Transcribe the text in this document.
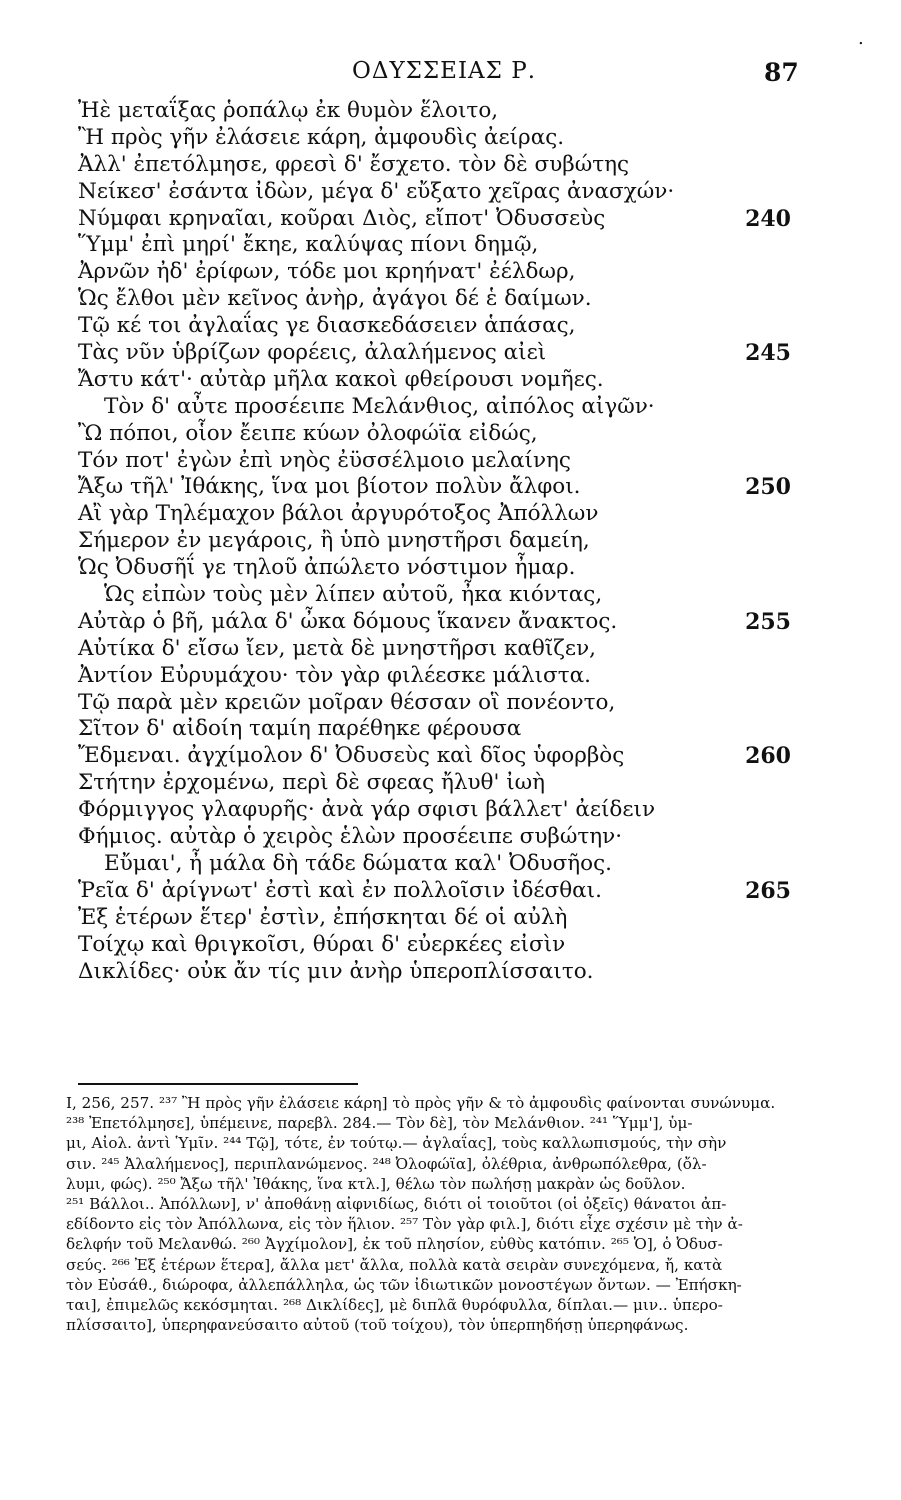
ΟΔΥΣΣΕΙΑΣ Ρ.	87
.
Ἠὲ μεταΐξας ῥοπάλῳ ἐκ θυμὸν ἕλοιτο,
Ἢ πρὸς γῆν ἐλάσειε κάρη, ἀμφουδὶς ἀείρας.
Ἀλλ' ἐπετόλμησε, φρεσὶ δ' ἔσχετο. τὸν δὲ συβώτης
Νείκεσ' ἐσάντα ἰδὼν, μέγα δ' εὔξατο χεῖρας ἀνασχών·
Νύμφαι κρηναῖαι, κοῦραι Διὸς, εἴποτ' Ὀδυσσεὺς	240
Ὕμμ' ἐπὶ μηρί' ἔκηε, καλύψας πίονι δημῷ,
Ἀρνῶν ἠδ' ἐρίφων, τόδε μοι κρηήνατ' ἐέλδωρ,
Ὡς ἔλθοι μὲν κεῖνος ἀνὴρ, ἀγάγοι δέ ἑ δαίμων.
Τῷ κέ τοι ἀγλαΐας γε διασκεδάσειεν ἁπάσας,
Τὰς νῦν ὑβρίζων φορέεις, ἀλαλήμενος αἰεὶ	245
Ἄστυ κάτ'· αὐτὰρ μῆλα κακοὶ φθείρουσι νομῆες.
Τὸν δ' αὖτε προσέειπε Μελάνθιος, αἰπόλος αἰγῶν·
Ὢ πόποι, οἷον ἔειπε κύων ὀλοφώϊα εἰδώς,
Τόν ποτ' ἐγὼν ἐπὶ νηὸς ἐϋσσέλμοιο μελαίνης
Ἄξω τῆλ' Ἰθάκης, ἵνα μοι βίοτον πολὺν ἄλφοι.	250
Αἲ γὰρ Τηλέμαχον βάλοι ἀργυρότοξος Ἀπόλλων
Σήμερον ἐν μεγάροις, ἢ ὑπὸ μνηστῆρσι δαμείη,
Ὡς Ὀδυσῆΐ γε τηλοῦ ἀπώλετο νόστιμον ἦμαρ.
Ὡς εἰπὼν τοὺς μὲν λίπεν αὐτοῦ, ἦκα κιόντας,
Αὐτὰρ ὁ βῆ, μάλα δ' ὦκα δόμους ἵκανεν ἄνακτος.	255
Αὐτίκα δ' εἴσω ἴεν, μετὰ δὲ μνηστῆρσι καθῖζεν,
Ἀντίον Εὐρυμάχου· τὸν γὰρ φιλέεσκε μάλιστα.
Τῷ παρὰ μὲν κρειῶν μοῖραν θέσσαν οἳ πονέοντο,
Σῖτον δ' αἰδοίη ταμίη παρέθηκε φέρουσα
Ἔδμεναι. ἀγχίμολον δ' Ὀδυσεὺς καὶ δῖος ὑφορβὸς	260
Στήτην ἐρχομένω, περὶ δὲ σφεας ἤλυθ' ἰωὴ
Φόρμιγγος γλαφυρῆς· ἀνὰ γάρ σφισι βάλλετ' ἀείδειν
Φήμιος. αὐτὰρ ὁ χειρὸς ἑλὼν προσέειπε συβώτην·
Εὔμαι', ἦ μάλα δὴ τάδε δώματα καλ' Ὀδυσῆος.
Ῥεῖα δ' ἀρίγνωτ' ἐστὶ καὶ ἐν πολλοῖσιν ἰδέσθαι.	265
Ἐξ ἑτέρων ἕτερ' ἐστὶν, ἐπήσκηται δέ οἱ αὐλὴ
Τοίχῳ καὶ θριγκοῖσι, θύραι δ' εὐερκέες εἰσὶν
Δικλίδες· οὐκ ἄν τίς μιν ἀνὴρ ὑπεροπλίσσαιτο.
I, 256, 257. ²³⁷ Ἢ πρὸς γῆν ἐλάσειε κάρη] τὸ πρὸς γῆν & τὸ ἀμφουδὶς φαίνονται συνώνυμα.
²³⁸ Ἐπετόλμησε], ὑπέμεινε, παρεβλ. 284.— Τὸν δὲ], τὸν Μελάνθιον. ²⁴¹ Ὕμμ'], ὑμ-
μι, Αἰολ. ἀντὶ Ὑμῖν. ²⁴⁴ Τῷ], τότε, ἐν τούτῳ.— ἀγλαΐας], τοὺς καλλωπισμούς, τὴν σὴν
σιν. ²⁴⁵ Ἀλαλήμενος], περιπλανώμενος. ²⁴⁸ Ὀλοφώϊα], ὀλέθρια, ἀνθρωπόλεθρα, (ὄλ-
λυμι, φώς). ²⁵⁰ Ἄξω τῆλ' Ἰθάκης, ἵνα κτλ.], θέλω τὸν πωλήσῃ μακρὰν ὡς δοῦλον.
²⁵¹ Βάλλοι.. Ἀπόλλων], ν' ἀποθάνῃ αἰφνιδίως, διότι οἱ τοιοῦτοι (οἱ ὀξεῖς) θάνατοι ἀπ-
εδίδοντο εἰς τὸν Ἀπόλλωνα, εἰς τὸν ἥλιον. ²⁵⁷ Τὸν γὰρ φιλ.], διότι εἶχε σχέσιν μὲ τὴν ἀ-
δελφήν τοῦ Μελανθώ. ²⁶⁰ Ἀγχίμολον], ἐκ τοῦ πλησίον, εὐθὺς κατόπιν. ²⁶⁵ Ὁ], ὁ Ὀδυσ-
σεύς. ²⁶⁶ Ἐξ ἑτέρων ἕτερα], ἄλλα μετ' ἄλλα, πολλὰ κατὰ σειρὰν συνεχόμενα, ἤ, κατὰ
τὸν Εὐσάθ., διώροφα, ἀλλεπάλληλα, ὡς τῶν ἰδιωτικῶν μονοστέγων ὄντων. — Ἐπήσκη-
ται], ἐπιμελῶς κεκόσμηται. ²⁶⁸ Δικλίδες], μὲ διπλᾶ θυρόφυλλα, δίπλαι.— μιν.. ὑπερο-
πλίσσαιτο], ὑπερηφανεύσαιτο αὐτοῦ (τοῦ τοίχου), τὸν ὑπερπηδήσῃ ὑπερηφάνως.
